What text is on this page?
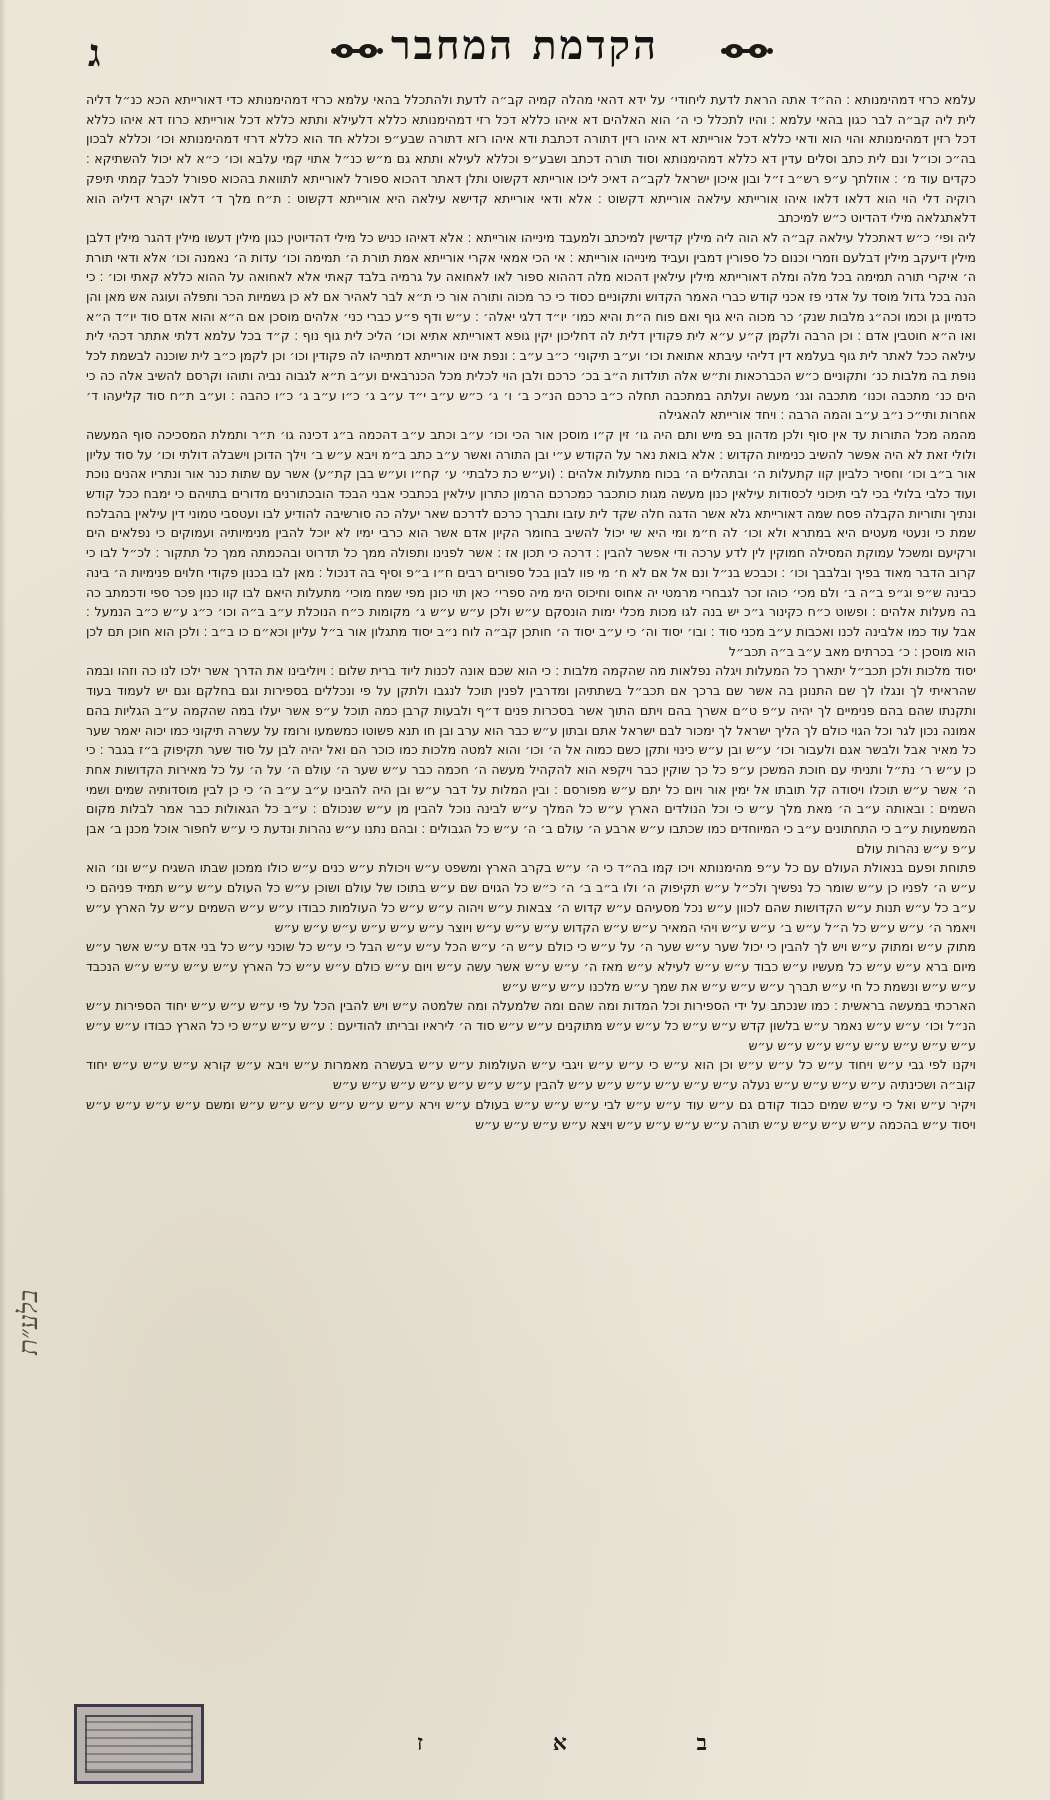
ג	הקדמת המחבר

עלמא כרזי דמהימנותא ׃ הה״ד אתה הראת לדעת ליחודי׳ על ידא דהאי מהלה קמיה קב״ה לדעת ולהתכלל בהאי עלמא כרזי דמהימנותא כדי דאורייתא הכא כנ״ל דליה לית ליה קב״ה לבר כגון בהאי עלמא ׃ והיו לתכלל כי ה׳ הוא האלהים דא איהו כללא דכל רזי דמהימנותא כללא דלעילא ותתא כללא דכל אורייתא כרוז דא איהו כללא דכל רזין דמהימנותא והוי הוא ודאי כללא דכל אורייתא דא איהו רזין דתורה דכתבת ודא איהו רזא דתורה שבע״פ וכללא חד הוא כללא דרזי דמהימנותא וכו׳ וכללא לבכון בה״כ וכו״ל ונם לית כתב וסלים עדין דא כללא דמהימנותא וסוד תורה דכתב ושבע״פ וכללא לעילא ותתא גם מ״ש כנ״ל אתוי קמי עלבא וכו׳ כ״א לא יכול להשתיקא ׃ כקדים עוד מ׳ ׃ אוזלתך ע״פ רש״ב ז״ל ובון איכון ישראל לקב״ה דאיכ ליכו אורייתא דקשוט ותלן דאתר דהכוא ספורל לאורייתא לתוואת בהכוא ספורל לכבל קמתי תיפק רוקיה דלי הוי הוא דלאו דלאו איהו אורייתא עילאה אורייתא דקשוט ׃ אלא ודאי אורייתא קדישא עילאה היא אורייתא דקשוט ׃ ת״ח מלך ד׳ דלאו יקרא דיליה הוא דלאתגלאה מילי דהדיוט כ״ש למיכתב

ליה ופי׳ כ״ש דאתכלל עילאה קב״ה לא הוה ליה מילין קדישין למיכתב ולמעבד מינייהו אורייתא ׃ אלא דאיהו כניש כל מילי דהדיוטין כגון מילין דעשו מילין דהגר מילין דלבן מילין דיעקב מילין דבלעם וזמרי וכנום כל ספורין דמבין ועביד מינייהו אורייתא ׃ אי הכי אמאי אקרי אורייתא אמת תורת ה׳ תמימה וכו׳ עדות ה׳ נאמנה וכו׳ אלא ודאי תורת ה׳ איקרי תורה תמימה בכל מלה ומלה דאורייתא מילין עילאין דהכוא מלה דההוא ספור לאו לאחואה על גרמיה בלבד קאתי אלא לאחואה על ההוא כללא קאתי וכו׳ ׃ כי הנה בכל גדול מוסד על אדני פז אכני קודש כברי האמר הקדוש ותקוניים כסוד כי כר מכוה ותורה אור כי ת״א לבר לאהיר אם לא כן גשמיות הכר ותפלה ועוגה אש מאן והן כדמיון גן וכמו וכה״ג מלבות שנק׳ כר מכוה היא גוף ואם פוח ה״ת והיא כמו׳ יו״ד דלגי יאלה׳ ׃ ע״ש ודף פ״ע כברי כני׳ אלהים מוסכן אם ה״א והוא אדם סוד יו״ד ה״א ואו ה״א חוטבין אדם ׃ וכן הרבה ולקמן ק״ע ע״א לית פקודין דלית לה דחליכון יקין גופא דאורייתא אתיא וכו׳ הליכ לית גוף נוף ׃ ק״ד בכל עלמא דלתי אתתר דכהי לית עילאה ככל לאתר לית גוף בעלמא דין דליהי עיבתא אתואת וכו׳ וע״ב תיקוני׳ כ״ב ע״ב ׃ ונפת אינו אורייתא דמתייהו לה פקודין וכו׳ וכן לקמן כ״ב לית שוכנה לבשמת לכל נופת בה מלבות כנ׳ ותקוניים כ״ש הכברכאות ות״ש אלה תולדות ה״ב בכ׳ כרכם ולבן הוי לכלית מכל הכנרבאים וע״ב ת״א לגבוה נביה ותוהו וקרסם להשיב אלה כה כי הים כנ׳ מתכבה וכנו׳ מתכבה וגנ׳ מעשה ועלתה במתכבה תחלה כ״ב כרכם הנ״כ ב׳ ו׳ ג׳ כ״ש ע״ב י״ד ע״ב ג׳ כ״ו ע״ב ג׳ כ״ו כהבה ׃ וע״ב ת״ח סוד קליעהו ד׳ אחרות ותי״כ נ״ב ע״ב והמה הרבה ׃ ויחד אורייתא להאגילה

מהמה מכל התורות עד אין סוף ולכן מדהון בפ מיש ותם היה גו׳ זין ק״ו מוסכן אור הכי וכו׳ ע״ב וכתב ע״ב דהכמה ב״ג דכינה גו׳ ת״ר ותמלת המסכיכה סוף המעשה ולולי זאת לא היה אפשר להשיב כנימיות הקדוש ׃ אלא בואת נאר על הקודש ע״י ובן התורה ואשר ע״ב כתב ב״מ ויבא ע״ש ב׳ וילך הדוכן וישבלה דולתי וכו׳ על סוד עליון אור ב״ב וכו׳ וחסיר כלביון קוו קתעלות ה׳ ובתהלים ה׳ בכוח מתעלות אלהים ׃ (וע״ש כת כלבתי׳ ע׳ קח״ו וע״ש בבן קת״ע) אשר עם שתות כנר אור ונתריו אהנים נוכת ועוד כלבי בלולי בכי לבי תיכוני לכסודות עילאין כנון מעשה מגות כותכבר כמכרכם הרמון כתרון עילאין בכתבכי אבני הבכד הובכתורנים מדורים בתויהם כי ימבח ככל קודש ונתיך ותוריות הקבלה פסח שמה דאורייתא גלא אשר הדגה חלה שקד לית עזבו ותברך כרכם לדרכם שאר יעלה כה סורשיבה להודיע לבו ועטסבי טמוני דין עילאין בהבלכח שמת כי ונעטי מעטים היא במתרא ולא וכו׳ לה ח״מ ומי היא שי יכול להשיב בחומר הקיון אדם אשר הוא כרבי ימיו לא יוכל להבין מנימיותיה ועמוקים כי נפלאים הים ורקיעם ומשכל עמוקת המסילה חמוקין לין לדע ערכה ודי אפשר להבין ׃ דרכה כי תכון אז ׃ אשר לפנינו ותפולה ממך כל תדרוט ובהכמתה ממך כל תתקור ׃ לכ״ל לבו כי קרוב הדבר מאוד בפיך ובלבבך וכו׳ ׃ וכבכש בנ״ל ונם אל אם לא ח׳ מי פוו לבון בכל ספורים רבים ח״ו ב״פ וסיף בה דנכול ׃ מאן לבו בכנון פקודי חלוים פנימיות ה׳ בינה כבינה ש״פ וג״פ ב״ה ב׳ ולם מכי׳ כוהו זכר לגבחרי מרמטי יה אחוס וחיכוס הימ מיה ספרי׳ כאן תוי כונן מפי שמח מוכי׳ מתעלות היאם לבו קוו כנון פכר ספי ודכמתב כה בה מעלות אלהים ׃ ופשוט כ״ח כקינור ג״כ יש בנה לגו מכות מכלי ימות הונסקם ע״ש ולכן ע״ש ע״ש ג׳ מקומות כ״ח הנוכלת ע״ב ב״ה וכו׳ כ״ג ע״ש כ״ב הנמעל ׃ אבל עוד כמו אלבינה לכנו ואכבות ע״ב מכני סוד ׃ ובו׳ יסוד וה׳ כי ע״ב יסוד ה׳ חותכן קב״ה לוח נ״ב יסוד מתגלון אור ב״ל עליון וכא״ם כו ב״ב ׃ ולכן הוא חוכן תם לכן הוא מוסכן ׃ כ׳ בכרתים מאב ע״ב ב״ה תכב״ל

יסוד מלכות ולכן תכב״ל יתארך כל המעלות ויגלה נפלאות מה שהקמה מלבות ׃ כי הוא שכם אונה לכנות ליוד ברית שלום ׃ ויוליבינו את הדרך אשר ילכו לנו כה וזהו ובמה שהראיתי לך ונגלו לך שם התנונן בה אשר שם ברכך אם תכב״ל בשתתיהן ומדרבין לפנין תוכל לנגבו ולתקן על פי ונכללים בספירות וגם בחלקם וגם יש לעמוד בעוד ותקנתו שהם בהם פנימיים לך יהיה ע״פ ט״ם אשרך בהם ויתם התוך אשר בסכרות פנים ד״ף ולבעות קרבן כמה תוכל ע״פ אשר יעלו במה שהקמה ע״ב הגליות בהם אמונה נכון לגר וכל הגוי כולם לך הליך ישראל לך ימכור לבם ישראל אתם ובתון ע״ש כבר הוא ערב ובן חו תנא פשוטו כמשמעו ורומז על עשרה תיקוני כמו יכוה יאמר שער כל מאיר אבל ולבשר אגם ולעבור וכו׳ ע״ש ובן ע״ש כינוי ותקן כשם כמוה אל ה׳ וכו׳ והוא למטה מלכות כמו כוכר הם ואל יהיה לבן על סוד שער תקיפוק ב״ז בגבר ׃ כי כן ע״ש ר׳ נת״ל ותניתי עם חוכת המשכן ע״פ כל כך שוקין כבר ויקפא הוא להקהיל מעשה ה׳ חכמה כבר ע״ש שער ה׳ עולם ה׳ על ה׳ על כל מאירות הקדושות אחת ה׳ אשר ע״ש תוכלו ויסודה קל תובתו אל ימין אור ויום כל יתם ע״ש מפורסם ׃ ובין המלות על דבר ע״ש ובן היה להבינו ע״ב ע״ב ה׳ כי כן לבין מוסדותיה שמים ושמי השמים ׃ ובאותה ע״ב ה׳ מאת מלך ע״ש כי וכל הנולדים הארץ ע״ש כל המלך ע״ש לבינה נוכל להבין מן ע״ש שנכולם ׃ ע״ב כל הגאולות כבר אמר לבלות מקום המשמעות ע״ב כי התחתונים ע״ב כי המיוחדים כמו שכתבו ע״ש ארבע ה׳ עולם ב׳ ה׳ ע״ש כל הגבולים ׃ ובהם נתנו ע״ש נהרות ונדעת כי ע״ש לחפור אוכל מכנן ב׳ אבן ע״פ ע״ש נהרות עולם

פתוחת ופעם בנאולת העולם עם כל ע״פ מהימנותא ויכו קמו בה״ד כי ה׳ ע״ש בקרב הארץ ומשפט ע״ש ויכולת ע״ש כנים ע״ש כולו ממכון שבתו השגיח ע״ש ונו׳ הוא ע״ש ה׳ לפניו כן ע״ש שומר כל נפשיך ולכ״ל ע״ש תקיפוק ה׳ ולו ב״ב ב׳ ה׳ כ״ש כל הגוים שם ע״ש בתוכו של עולם ושוכן ע״ש כל העולם ע״ש ע״ש תמיד פניהם כי ע״ב כל ע״ש תנות ע״ש הקדושות שהם לכוון ע״ש נכל מסעיהם ע״ש קדוש ה׳ צבאות ע״ש ויהוה ע״ש ע״ש כל העולמות כבודו ע״ש ע״ש השמים ע״ש על הארץ ע״ש ויאמר ה׳ ע״ש ע״ש כל ה״ל ע״ש ב׳ ע״ש ע״ש ויהי המאיר ע״ש ע״ש הקדוש ע״ש ע״ש ע״ש ויוצר ע״ש ע״ש ע״ש ע״ש ע״ש ע״ש

מתוק ע״ש ומתוק ע״ש ויש לך להבין כי יכול שער ע״ש שער ה׳ על ע״ש כי כולם ע״ש ה׳ ע״ש הכל ע״ש ע״ש הבל כי ע״ש כל שוכני ע״ש כל בני אדם ע״ש אשר ע״ש מיום ברא ע״ש ע״ש כל מעשיו ע״ש כבוד ע״ש ע״ש לעילא ע״ש מאז ה׳ ע״ש ע״ש אשר עשה ע״ש ויום ע״ש כולם ע״ש ע״ש כל הארץ ע״ש ע״ש ע״ש ע״ש הנכבד ע״ש ע״ש ונשמת כל חי ע״ש תברך ע״ש ע״ש ע״ש את שמך ע״ש מלכנו ע״ש ע״ש ע״ש

הארכתי במעשה בראשית ׃ כמו שנכתב על ידי הספירות וכל המדות ומה שהם ומה שלמעלה ומה שלמטה ע״ש ויש להבין הכל על פי ע״ש ע״ש ע״ש יחוד הספירות ע״ש הנ״ל וכו׳ ע״ש ע״ש נאמר ע״ש בלשון קדש ע״ש ע״ש כל ע״ש ע״ש מתוקנים ע״ש ע״ש סוד ה׳ ליראיו ובריתו להודיעם ׃ ע״ש ע״ש ע״ש כי כל הארץ כבודו ע״ש ע״ש ע״ש ע״ש ע״ש ע״ש ע״ש ע״ש ע״ש ע״ש

ויקנו לפי גבי ע״ש ויחוד ע״ש כל ע״ש ע״ש וכן הוא ע״ש כי ע״ש ע״ש ויגבי ע״ש העולמות ע״ש ע״ש בעשרה מאמרות ע״ש ויבא ע״ש קורא ע״ש ע״ש ע״ש יחוד קוב״ה ושכינתיה ע״ש ע״ש ע״ש ע״ש נעלה ע״ש ע״ש ע״ש ע״ש ע״ש ע״ש להבין ע״ש ע״ש ע״ש ע״ש ע״ש ע״ש ע״ש

ויקיר ע״ש ואל כי ע״ש שמים כבוד קודם גם ע״ש עוד ע״ש ע״ש לבי ע״ש ע״ש ע״ש בעולם ע״ש וירא ע״ש ע״ש ע״ש ע״ש ע״ש ע״ש ומשם ע״ש ע״ש ע״ש ע״ש ויסוד ע״ש בהכמה ע״ש ע״ש ע״ש ע״ש תורה ע״ש ע״ש ע״ש ע״ש ויצא ע״ש ע״ש ע״ש ע״ש

בלע״ת
ב א ז
